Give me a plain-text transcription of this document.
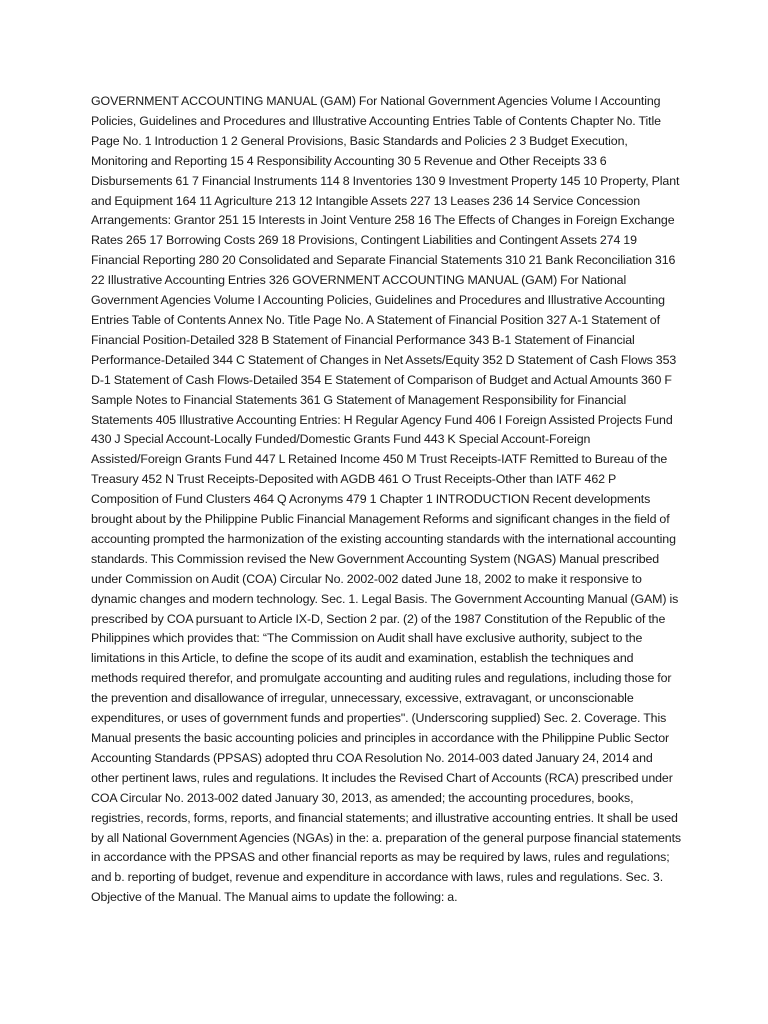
GOVERNMENT ACCOUNTING MANUAL (GAM) For National Government Agencies Volume I Accounting Policies, Guidelines and Procedures and Illustrative Accounting Entries Table of Contents Chapter No. Title Page No. 1 Introduction 1 2 General Provisions, Basic Standards and Policies 2 3 Budget Execution, Monitoring and Reporting 15 4 Responsibility Accounting 30 5 Revenue and Other Receipts 33 6 Disbursements 61 7 Financial Instruments 114 8 Inventories 130 9 Investment Property 145 10 Property, Plant and Equipment 164 11 Agriculture 213 12 Intangible Assets 227 13 Leases 236 14 Service Concession Arrangements: Grantor 251 15 Interests in Joint Venture 258 16 The Effects of Changes in Foreign Exchange Rates 265 17 Borrowing Costs 269 18 Provisions, Contingent Liabilities and Contingent Assets 274 19 Financial Reporting 280 20 Consolidated and Separate Financial Statements 310 21 Bank Reconciliation 316 22 Illustrative Accounting Entries 326 GOVERNMENT ACCOUNTING MANUAL (GAM) For National Government Agencies Volume I Accounting Policies, Guidelines and Procedures and Illustrative Accounting Entries Table of Contents Annex No. Title Page No. A Statement of Financial Position 327 A-1 Statement of Financial Position-Detailed 328 B Statement of Financial Performance 343 B-1 Statement of Financial Performance-Detailed 344 C Statement of Changes in Net Assets/Equity 352 D Statement of Cash Flows 353 D-1 Statement of Cash Flows-Detailed 354 E Statement of Comparison of Budget and Actual Amounts 360 F Sample Notes to Financial Statements 361 G Statement of Management Responsibility for Financial Statements 405 Illustrative Accounting Entries: H Regular Agency Fund 406 I Foreign Assisted Projects Fund 430 J Special Account-Locally Funded/Domestic Grants Fund 443 K Special Account-Foreign Assisted/Foreign Grants Fund 447 L Retained Income 450 M Trust Receipts-IATF Remitted to Bureau of the Treasury 452 N Trust Receipts-Deposited with AGDB 461 O Trust Receipts-Other than IATF 462 P Composition of Fund Clusters 464 Q Acronyms 479 1 Chapter 1 INTRODUCTION Recent developments brought about by the Philippine Public Financial Management Reforms and significant changes in the field of accounting prompted the harmonization of the existing accounting standards with the international accounting standards. This Commission revised the New Government Accounting System (NGAS) Manual prescribed under Commission on Audit (COA) Circular No. 2002-002 dated June 18, 2002 to make it responsive to dynamic changes and modern technology. Sec. 1. Legal Basis. The Government Accounting Manual (GAM) is prescribed by COA pursuant to Article IX-D, Section 2 par. (2) of the 1987 Constitution of the Republic of the Philippines which provides that: “The Commission on Audit shall have exclusive authority, subject to the limitations in this Article, to define the scope of its audit and examination, establish the techniques and methods required therefor, and promulgate accounting and auditing rules and regulations, including those for the prevention and disallowance of irregular, unnecessary, excessive, extravagant, or unconscionable expenditures, or uses of government funds and properties". (Underscoring supplied) Sec. 2. Coverage. This Manual presents the basic accounting policies and principles in accordance with the Philippine Public Sector Accounting Standards (PPSAS) adopted thru COA Resolution No. 2014-003 dated January 24, 2014 and other pertinent laws, rules and regulations. It includes the Revised Chart of Accounts (RCA) prescribed under COA Circular No. 2013-002 dated January 30, 2013, as amended; the accounting procedures, books, registries, records, forms, reports, and financial statements; and illustrative accounting entries. It shall be used by all National Government Agencies (NGAs) in the: a. preparation of the general purpose financial statements in accordance with the PPSAS and other financial reports as may be required by laws, rules and regulations; and b. reporting of budget, revenue and expenditure in accordance with laws, rules and regulations. Sec. 3. Objective of the Manual. The Manual aims to update the following: a.
